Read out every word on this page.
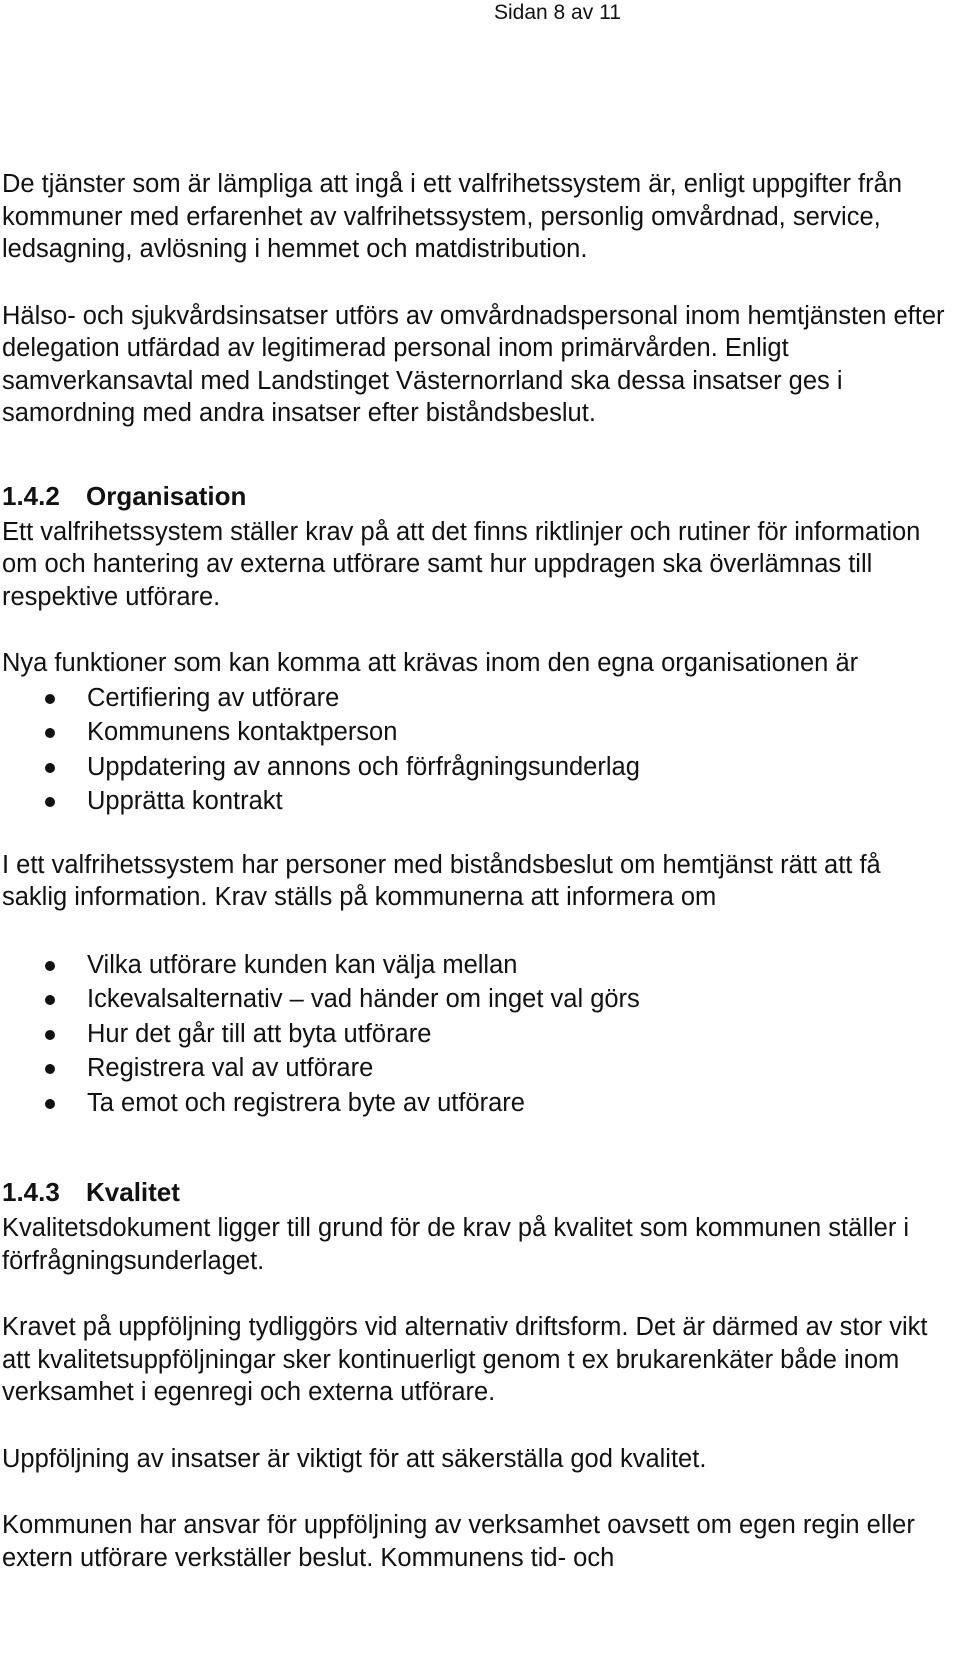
Sidan 8 av 11

De tjänster som är lämpliga att ingå i ett valfrihetssystem är, enligt uppgifter från kommuner med erfarenhet av valfrihetssystem, personlig omvårdnad, service, ledsagning, avlösning i hemmet och matdistribution.

Hälso- och sjukvårdsinsatser utförs av omvårdnadspersonal inom hemtjänsten efter delegation utfärdad av legitimerad personal inom primärvården. Enligt samverkansavtal med Landstinget Västernorrland ska dessa insatser ges i samordning med andra insatser efter biståndsbeslut.

1.4.2 Organisation

Ett valfrihetssystem ställer krav på att det finns riktlinjer och rutiner för information om och hantering av externa utförare samt hur uppdragen ska överlämnas till respektive utförare.

Nya funktioner som kan komma att krävas inom den egna organisationen är

Certifiering av utförare
Kommunens kontaktperson
Uppdatering av annons och förfrågningsunderlag
Upprätta kontrakt

I ett valfrihetssystem har personer med biståndsbeslut om hemtjänst rätt att få saklig information. Krav ställs på kommunerna att informera om

Vilka utförare kunden kan välja mellan
Ickevalsalternativ – vad händer om inget val görs
Hur det går till att byta utförare
Registrera val av utförare
Ta emot och registrera byte av utförare
1.4.3 Kvalitet

Kvalitetsdokument ligger till grund för de krav på kvalitet som kommunen ställer i förfrågningsunderlaget.

Kravet på uppföljning tydliggörs vid alternativ driftsform. Det är därmed av stor vikt att kvalitetsuppföljningar sker kontinuerligt genom t ex brukarenkäter både inom verksamhet i egenregi och externa utförare.

Uppföljning av insatser är viktigt för att säkerställa god kvalitet.

Kommunen har ansvar för uppföljning av verksamhet oavsett om egen regin eller extern utförare verkställer beslut. Kommunens tid- och
